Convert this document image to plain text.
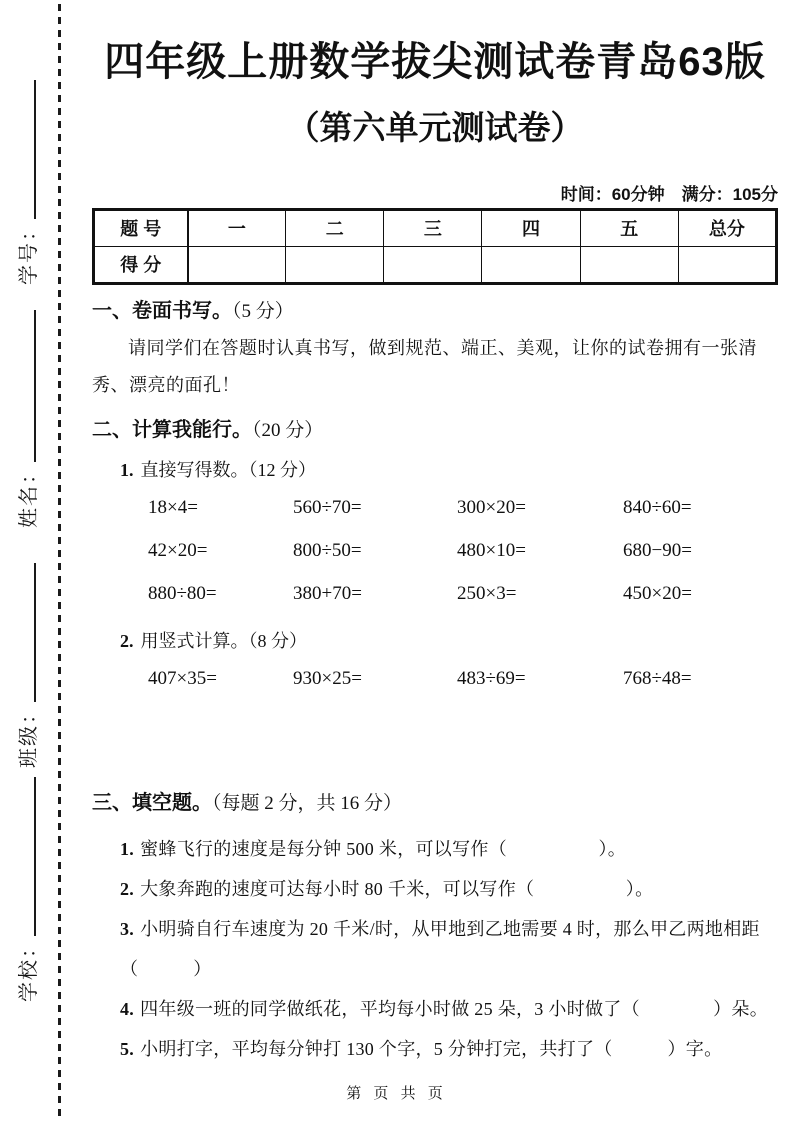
学号：
姓名：
班级：
学校：
四年级上册数学拔尖测试卷青岛63版
（第六单元测试卷）
时间：60分钟　满分：105分
题 号	一	二	三	四	五	总分
得 分						
一、卷面书写。（5 分）

请同学们在答题时认真书写，做到规范、端正、美观，让你的试卷拥有一张清秀、漂亮的面孔！

二、计算我能行。（20 分）
1. 直接写得数。（12 分）
18×4=	560÷70=	300×20=	840÷60=
42×20=	800÷50=	480×10=	680−90=
880÷80=	380+70=	250×3=	450×20=
2. 用竖式计算。（8 分）
407×35=	930×25=	483÷69=	768÷48=
三、填空题。（每题 2 分，共 16 分）
1. 蜜蜂飞行的速度是每分钟 500 米，可以写作（　　　　　）。
2. 大象奔跑的速度可达每小时 80 千米，可以写作（　　　　　）。
3. 小明骑自行车速度为 20 千米/时，从甲地到乙地需要 4 时，那么甲乙两地相距（　　　）
4. 四年级一班的同学做纸花，平均每小时做 25 朵，3 小时做了（　　　　）朵。
5. 小明打字，平均每分钟打 130 个字，5 分钟打完，共打了（　　　）字。
第 页 共 页
